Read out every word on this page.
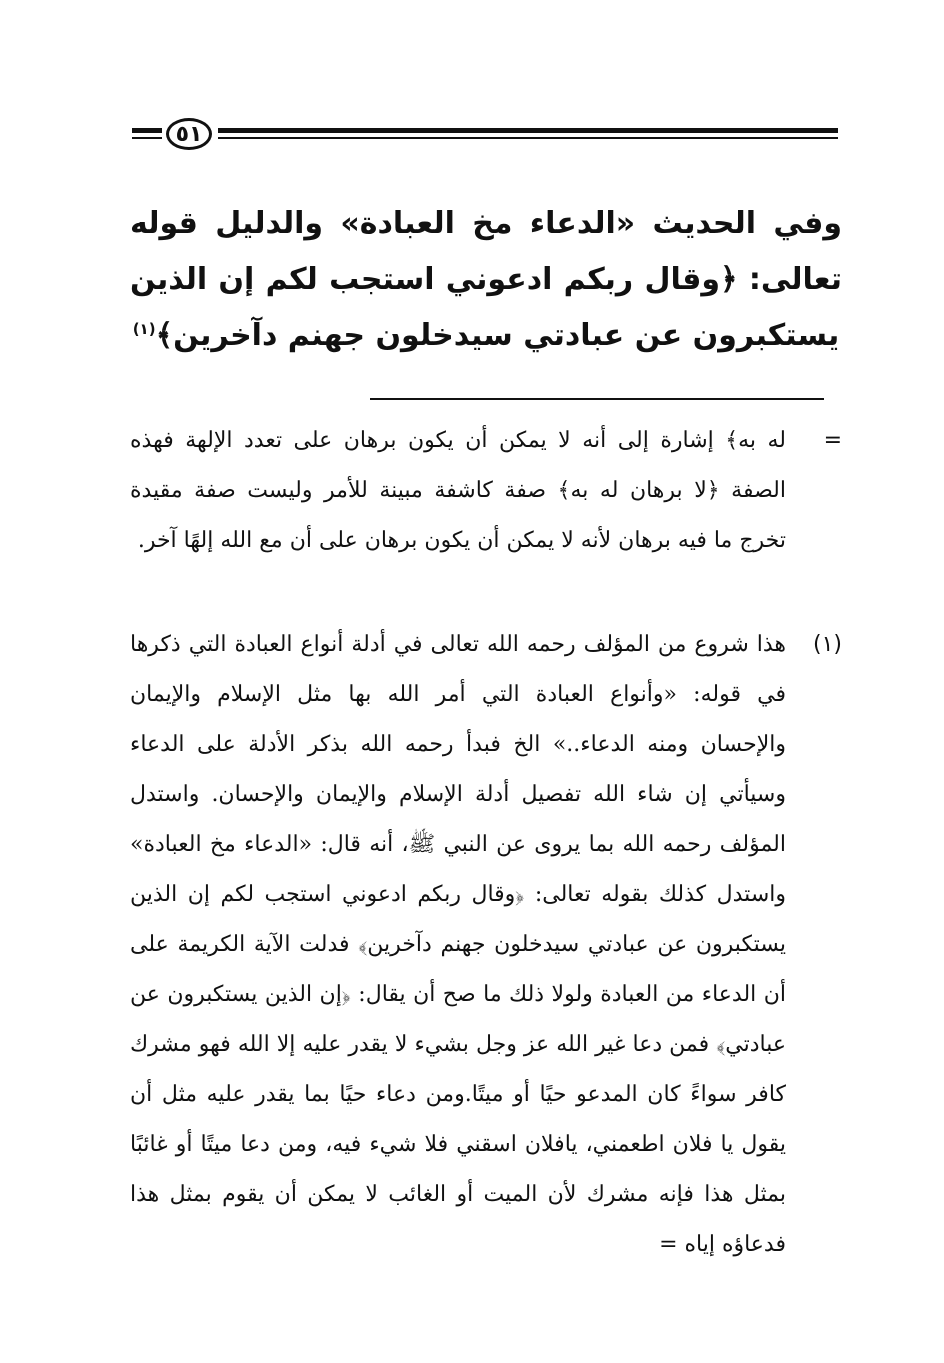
٥١
وفي الحديث «الدعاء مخ العبادة» والدليل قوله تعالى: ﴿وقال ربكم ادعوني استجب لكم إن الذين يستكبرون عن عبادتي سيدخلون جهنم دآخرين﴾$^{(١)}$
=
له به﴾ إشارة إلى أنه لا يمكن أن يكون برهان على تعدد الإلهة فهذه الصفة ﴿لا برهان له به﴾ صفة كاشفة مبينة للأمر وليست صفة مقيدة تخرج ما فيه برهان لأنه لا يمكن أن يكون برهان على أن مع الله إلهًا آخر.
(١)
هذا شروع من المؤلف رحمه الله تعالى في أدلة أنواع العبادة التي ذكرها في قوله: «وأنواع العبادة التي أمر الله بها مثل الإسلام والإيمان والإحسان ومنه الدعاء..» الخ فبدأ رحمه الله بذكر الأدلة على الدعاء وسيأتي إن شاء الله تفصيل أدلة الإسلام والإيمان والإحسان. واستدل المؤلف رحمه الله بما يروى عن النبي ﷺ، أنه قال: «الدعاء مخ العبادة» واستدل كذلك بقوله تعالى: ﴿وقال ربكم ادعوني استجب لكم إن الذين يستكبرون عن عبادتي سيدخلون جهنم دآخرين﴾ فدلت الآية الكريمة على أن الدعاء من العبادة ولولا ذلك ما صح أن يقال: ﴿إن الذين يستكبرون عن عبادتي﴾ فمن دعا غير الله عز وجل بشيء لا يقدر عليه إلا الله فهو مشرك كافر سواءً كان المدعو حيًا أو ميتًا.ومن دعاء حيًا بما يقدر عليه مثل أن يقول يا فلان اطعمني، يافلان اسقني فلا شيء فيه، ومن دعا ميتًا أو غائبًا بمثل هذا فإنه مشرك لأن الميت أو الغائب لا يمكن أن يقوم بمثل هذا فدعاؤه إياه =
